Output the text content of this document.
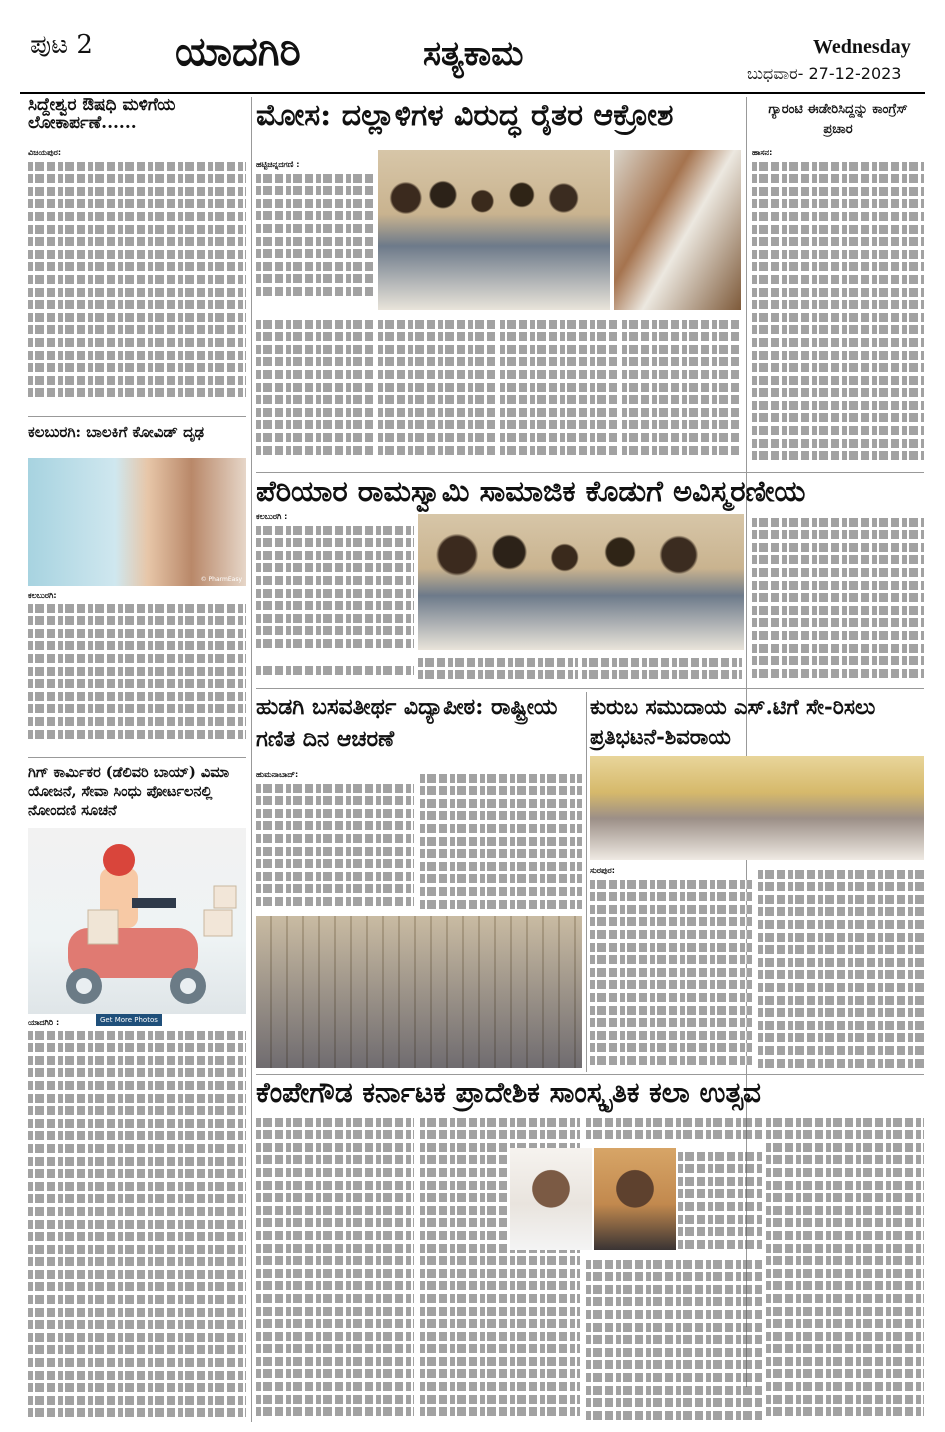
ಪುಟ 2 ಯಾದಗಿರಿ	ಸತ್ಯಕಾಮ	Wednesday
ಬುಧವಾರ- 27-12-2023
ಸಿದ್ದೇಶ್ವರ ಔಷಧಿ ಮಳಿಗೆಯ ಲೋಕಾರ್ಪಣೆ......
ವಿಜಯಪುರ:
ಕಲಬುರಗಿ: ಬಾಲಕಿಗೆ ಕೋವಿಡ್ ದೃಢ
© PharmEasy
ಕಲಬುರಗಿ:
ಗಿಗ್ ಕಾರ್ಮಿಕರ (ಡೆಲಿವರಿ ಬಾಯ್) ವಿಮಾ ಯೋಜನೆ, ಸೇವಾ ಸಿಂಧು ಪೋರ್ಟಲನಲ್ಲಿ ನೋಂದಣಿ ಸೂಚನೆ
Get More Photos
ಯಾದಗಿರಿ :
ಮೋಸ: ದಲ್ಲಾಳಿಗಳ ವಿರುದ್ಧ ರೈತರ ಆಕ್ರೋಶ
ಹಟ್ಟಿಚಿನ್ನದಗಣಿ :
ಗ್ಯಾರಂಟಿ ಈಡೇರಿಸಿದ್ದನ್ನು ಕಾಂಗ್ರೆಸ್ ಪ್ರಚಾರ
ಹಾಸನ:
ಪೆರಿಯಾರ ರಾಮಸ್ವಾಮಿ ಸಾಮಾಜಿಕ ಕೊಡುಗೆ ಅವಿಸ್ಮರಣೀಯ
ಕಲಬುರಗಿ :
ಹುಡಗಿ ಬಸವತೀರ್ಥ ವಿದ್ಯಾಪೀಠ: ರಾಷ್ಟ್ರೀಯ ಗಣಿತ ದಿನ ಆಚರಣೆ
ಹುಮನಾಬಾದ್:
ಕುರುಬ ಸಮುದಾಯ ಎಸ್.ಟಿಗೆ ಸೇ-ರಿಸಲು ಪ್ರತಿಭಟನೆ-ಶಿವರಾಯ
ಸುರಪುರ:
ಕೆಂಪೇಗೌಡ ಕರ್ನಾಟಕ ಪ್ರಾದೇಶಿಕ ಸಾಂಸ್ಕೃತಿಕ ಕಲಾ ಉತ್ಸವ
